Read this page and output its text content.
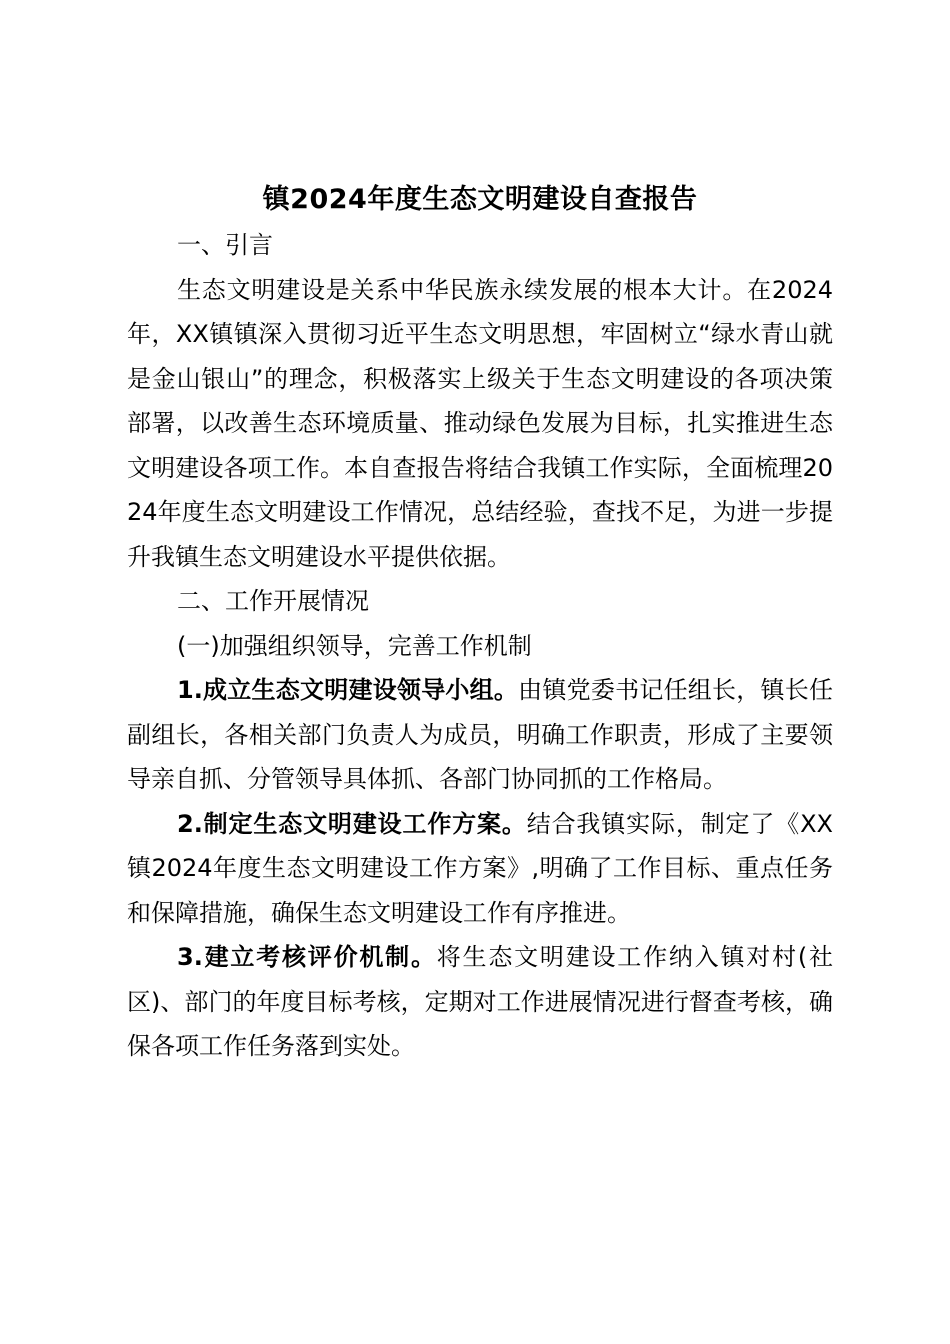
镇2024年度生态文明建设自查报告

一、引言

生态文明建设是关系中华民族永续发展的根本大计。在2024年，XX镇镇深入贯彻习近平生态文明思想，牢固树立“绿水青山就是金山银山”的理念，积极落实上级关于生态文明建设的各项决策部署，以改善生态环境质量、推动绿色发展为目标，扎实推进生态文明建设各项工作。本自查报告将结合我镇工作实际，全面梳理2024年度生态文明建设工作情况，总结经验，查找不足，为进一步提升我镇生态文明建设水平提供依据。

二、工作开展情况

(一)加强组织领导，完善工作机制

1.成立生态文明建设领导小组。由镇党委书记任组长，镇长任副组长，各相关部门负责人为成员，明确工作职责，形成了主要领导亲自抓、分管领导具体抓、各部门协同抓的工作格局。

2.制定生态文明建设工作方案。结合我镇实际，制定了《XX镇2024年度生态文明建设工作方案》,明确了工作目标、重点任务和保障措施，确保生态文明建设工作有序推进。

3.建立考核评价机制。将生态文明建设工作纳入镇对村(社区)、部门的年度目标考核，定期对工作进展情况进行督查考核，确保各项工作任务落到实处。
